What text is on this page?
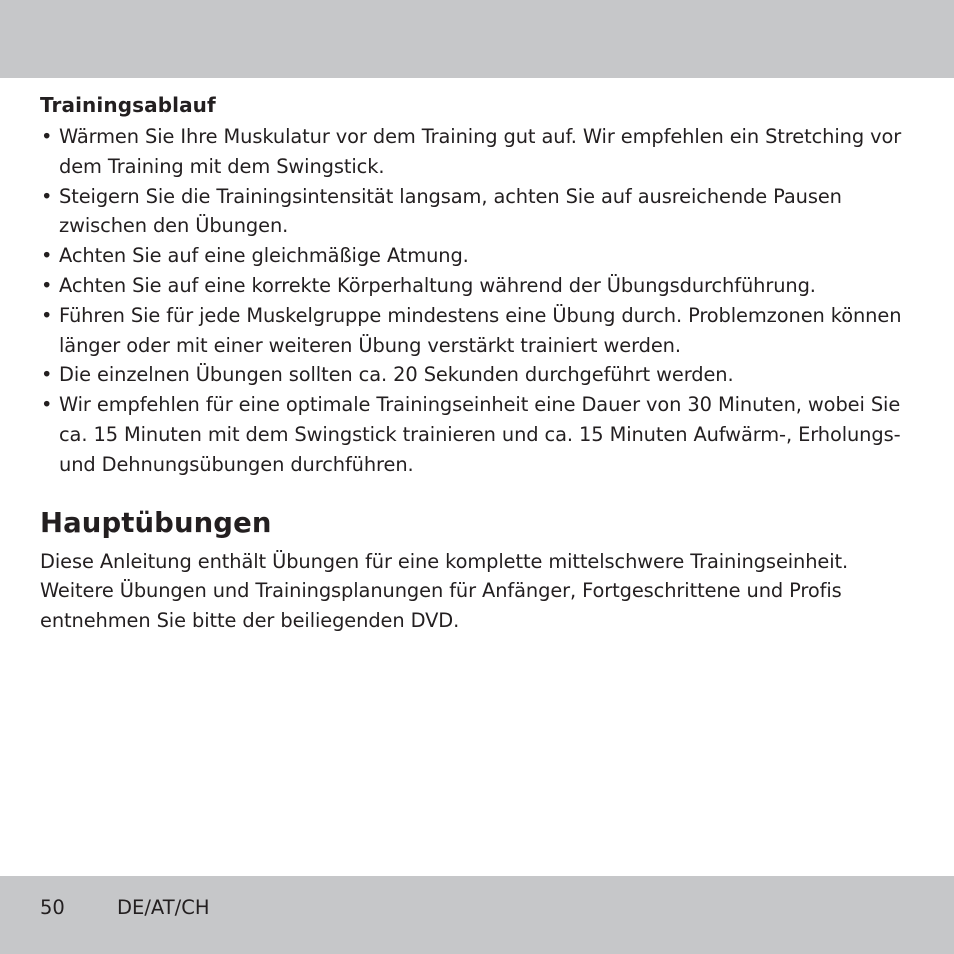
Trainingsablauf
• Wärmen Sie Ihre Muskulatur vor dem Training gut auf. Wir empfehlen ein Stretching vor dem Training mit dem Swingstick.
• Steigern Sie die Trainingsintensität langsam, achten Sie auf ausreichende Pausen zwischen den Übungen.
• Achten Sie auf eine gleichmäßige Atmung.
• Achten Sie auf eine korrekte Körperhaltung während der Übungsdurchführung.
• Führen Sie für jede Muskelgruppe mindestens eine Übung durch. Problemzonen können länger oder mit einer weiteren Übung verstärkt trainiert werden.
• Die einzelnen Übungen sollten ca. 20 Sekunden durchgeführt werden.
• Wir empfehlen für eine optimale Trainingseinheit eine Dauer von 30 Minuten, wobei Sie ca. 15 Minuten mit dem Swingstick trainieren und ca. 15 Minuten Aufwärm-, Erholungs- und Dehnungsübungen durchführen.
Hauptübungen

Diese Anleitung enthält Übungen für eine komplette mittelschwere Trainingseinheit. Weitere Übungen und Trainingsplanungen für Anfänger, Fortgeschrittene und Profis entnehmen Sie bitte der beiliegenden DVD.

50	DE/AT/CH
